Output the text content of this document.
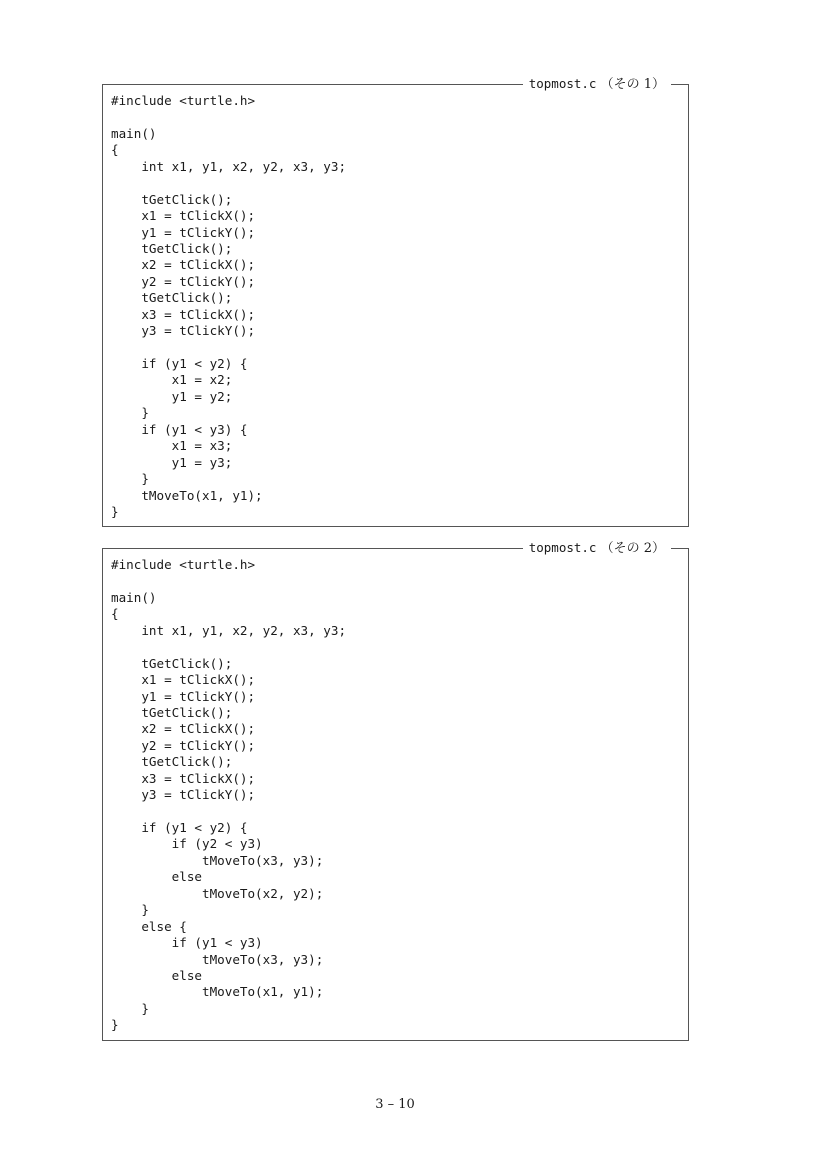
topmost.c （その 1）
#include <turtle.h>
main()
{
int x1, y1, x2, y2, x3, y3;
tGetClick();
x1 = tClickX();
y1 = tClickY();
tGetClick();
x2 = tClickX();
y2 = tClickY();
tGetClick();
x3 = tClickX();
y3 = tClickY();
if (y1 < y2) {
x1 = x2;
y1 = y2;
}
if (y1 < y3) {
x1 = x3;
y1 = y3;
}
tMoveTo(x1, y1);
}
topmost.c （その 2）
#include <turtle.h>
main()
{
int x1, y1, x2, y2, x3, y3;
tGetClick();
x1 = tClickX();
y1 = tClickY();
tGetClick();
x2 = tClickX();
y2 = tClickY();
tGetClick();
x3 = tClickX();
y3 = tClickY();
if (y1 < y2) {
if (y2 < y3)
tMoveTo(x3, y3);
else
tMoveTo(x2, y2);
}
else {
if (y1 < y3)
tMoveTo(x3, y3);
else
tMoveTo(x1, y1);
}
}
3 – 10
